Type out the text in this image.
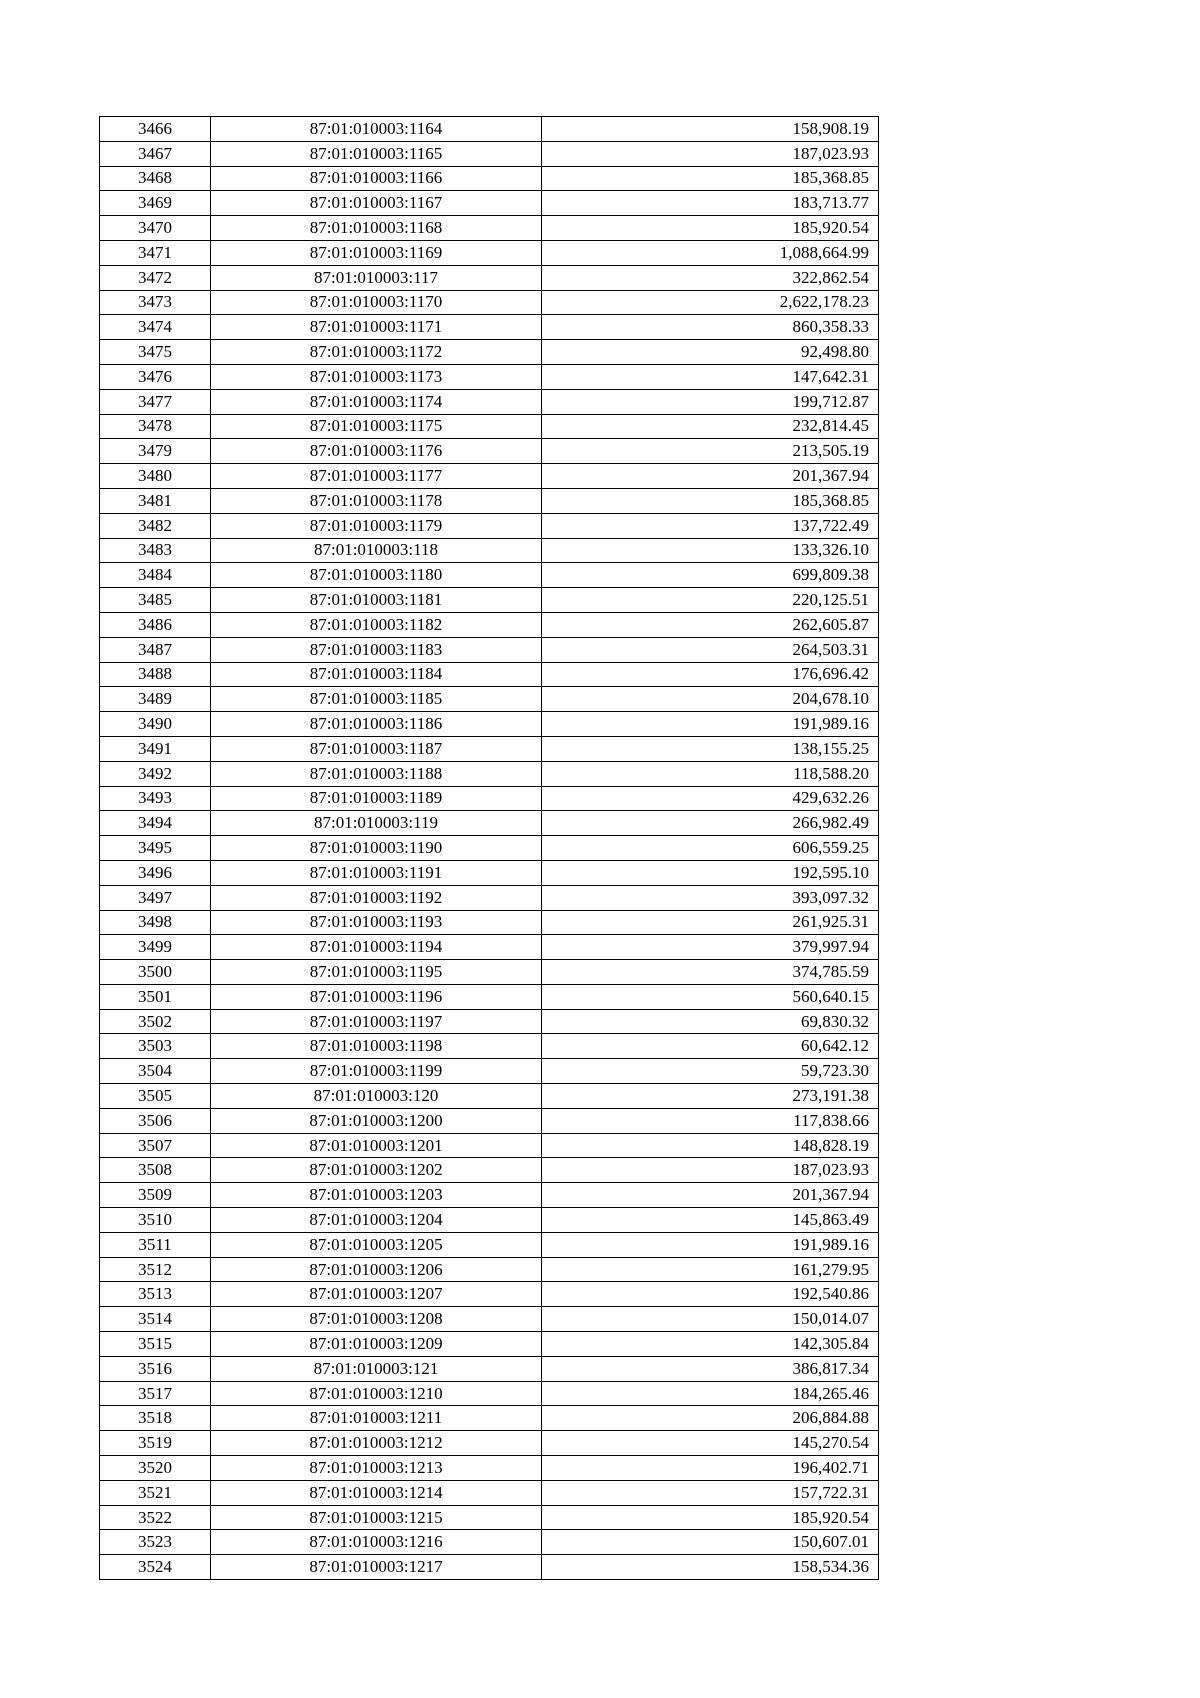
3466	87:01:010003:1164	158,908.19
3467	87:01:010003:1165	187,023.93
3468	87:01:010003:1166	185,368.85
3469	87:01:010003:1167	183,713.77
3470	87:01:010003:1168	185,920.54
3471	87:01:010003:1169	1,088,664.99
3472	87:01:010003:117	322,862.54
3473	87:01:010003:1170	2,622,178.23
3474	87:01:010003:1171	860,358.33
3475	87:01:010003:1172	92,498.80
3476	87:01:010003:1173	147,642.31
3477	87:01:010003:1174	199,712.87
3478	87:01:010003:1175	232,814.45
3479	87:01:010003:1176	213,505.19
3480	87:01:010003:1177	201,367.94
3481	87:01:010003:1178	185,368.85
3482	87:01:010003:1179	137,722.49
3483	87:01:010003:118	133,326.10
3484	87:01:010003:1180	699,809.38
3485	87:01:010003:1181	220,125.51
3486	87:01:010003:1182	262,605.87
3487	87:01:010003:1183	264,503.31
3488	87:01:010003:1184	176,696.42
3489	87:01:010003:1185	204,678.10
3490	87:01:010003:1186	191,989.16
3491	87:01:010003:1187	138,155.25
3492	87:01:010003:1188	118,588.20
3493	87:01:010003:1189	429,632.26
3494	87:01:010003:119	266,982.49
3495	87:01:010003:1190	606,559.25
3496	87:01:010003:1191	192,595.10
3497	87:01:010003:1192	393,097.32
3498	87:01:010003:1193	261,925.31
3499	87:01:010003:1194	379,997.94
3500	87:01:010003:1195	374,785.59
3501	87:01:010003:1196	560,640.15
3502	87:01:010003:1197	69,830.32
3503	87:01:010003:1198	60,642.12
3504	87:01:010003:1199	59,723.30
3505	87:01:010003:120	273,191.38
3506	87:01:010003:1200	117,838.66
3507	87:01:010003:1201	148,828.19
3508	87:01:010003:1202	187,023.93
3509	87:01:010003:1203	201,367.94
3510	87:01:010003:1204	145,863.49
3511	87:01:010003:1205	191,989.16
3512	87:01:010003:1206	161,279.95
3513	87:01:010003:1207	192,540.86
3514	87:01:010003:1208	150,014.07
3515	87:01:010003:1209	142,305.84
3516	87:01:010003:121	386,817.34
3517	87:01:010003:1210	184,265.46
3518	87:01:010003:1211	206,884.88
3519	87:01:010003:1212	145,270.54
3520	87:01:010003:1213	196,402.71
3521	87:01:010003:1214	157,722.31
3522	87:01:010003:1215	185,920.54
3523	87:01:010003:1216	150,607.01
3524	87:01:010003:1217	158,534.36
